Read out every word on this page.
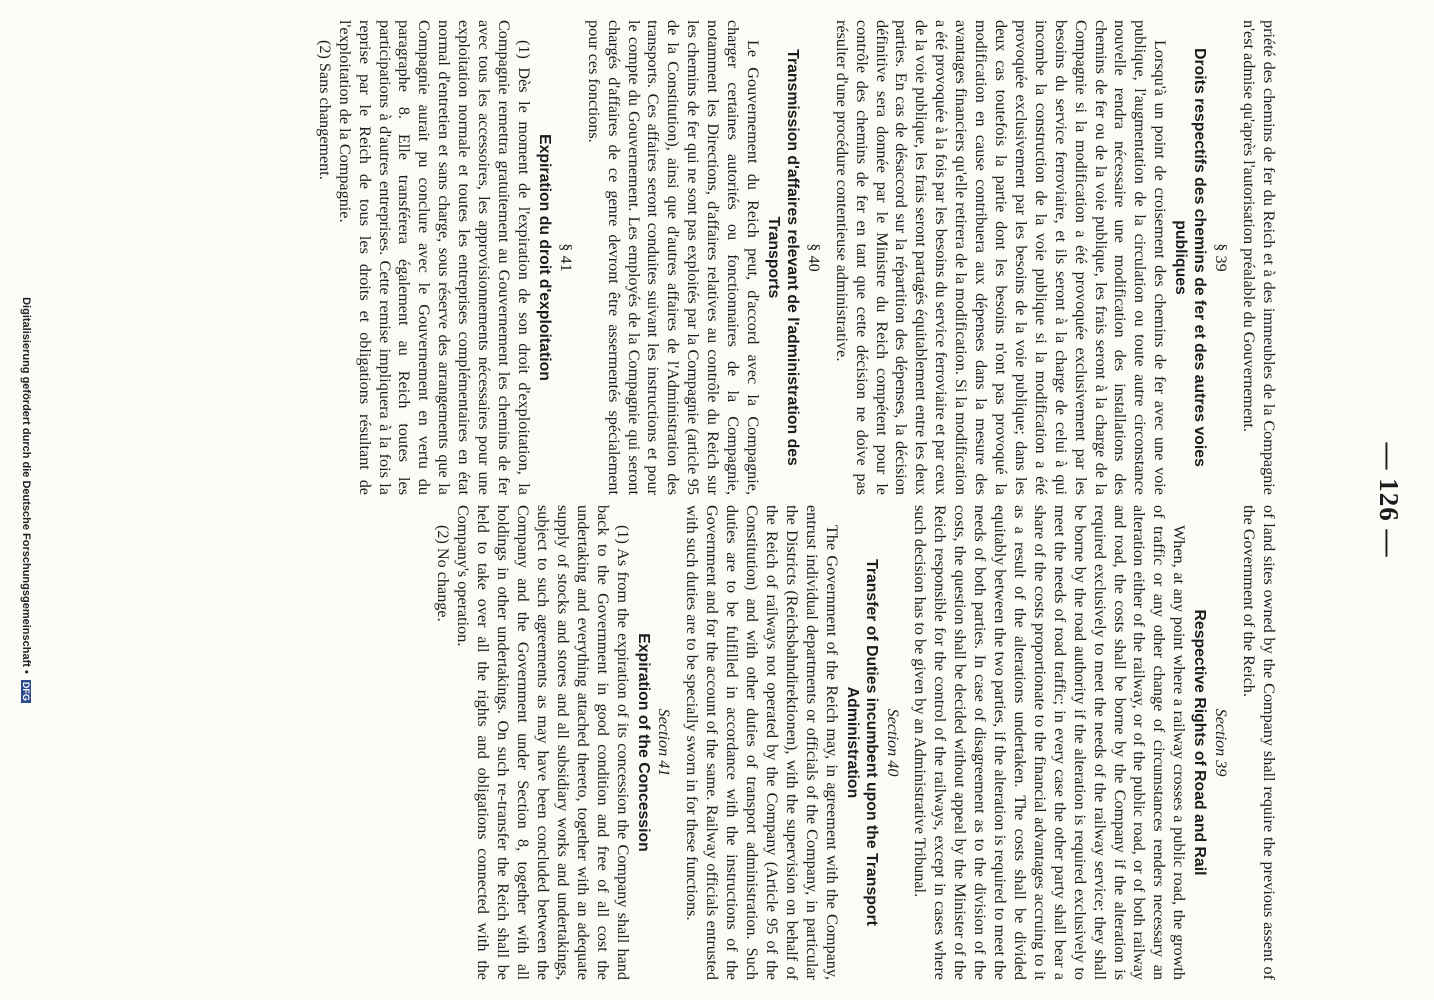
— 126 —

priété des chemins de fer du Reich et à des immeubles de la Compagnie n'est admise qu'après l'autorisation préalable du Gouvernement.

§ 39
Droits respectifs des chemins de fer et des autres voies publiques

Lorsqu'à un point de croisement des chemins de fer avec une voie publique, l'augmentation de la circulation ou toute autre circonstance nouvelle rendra nécessaire une modification des installations des chemins de fer ou de la voie publique, les frais seront à la charge de la Compagnie si la modification a été provoquée exclusivement par les besoins du service ferroviaire, et ils seront à la charge de celui à qui incombe la construction de la voie publique si la modification a été provoquée exclusivement par les besoins de la voie publique; dans les deux cas toutefois la partie dont les besoins n'ont pas provoqué la modification en cause contribuera aux dépenses dans la mesure des avantages financiers qu'elle retirera de la modification. Si la modification a été provoquée à la fois par les besoins du service ferroviaire et par ceux de la voie publique, les frais seront partagés équitablement entre les deux parties. En cas de désaccord sur la répartition des dépenses, la décision définitive sera donnée par le Ministre du Reich compétent pour le contrôle des chemins de fer en tant que cette décision ne doive pas résulter d'une procédure contentieuse administrative.

§ 40
Transmission d'affaires relevant de l'administration des Transports

Le Gouvernement du Reich peut, d'accord avec la Compagnie, charger certaines autorités ou fonctionnaires de la Compagnie, notamment les Directions, d'affaires relatives au contrôle du Reich sur les chemins de fer qui ne sont pas exploités par la Compagnie (article 95 de la Constitution), ainsi que d'autres affaires de l'Administration des transports. Ces affaires seront conduites suivant les instructions et pour le compte du Gouvernement. Les employés de la Compagnie qui seront chargés d'affaires de ce genre devront être assermentés spécialement pour ces fonctions.

§ 41
Expiration du droit d'exploitation

(1) Dès le moment de l'expiration de son droit d'exploitation, la Compagnie remettra gratuitement au Gouvernement les chemins de fer avec tous les accessoires, les approvisionnements nécessaires pour une exploitation normale et toutes les entreprises complémentaires en état normal d'entretien et sans charge, sous réserve des arrangements que la Compagnie aurait pu conclure avec le Gouvernement en vertu du paragraphe 8. Elle transférera également au Reich toutes les participations à d'autres entreprises. Cette remise impliquera à la fois la reprise par le Reich de tous les droits et obligations résultant de l'exploitation de la Compagnie.

(2) Sans changement.

of land sites owned by the Company shall require the previous assent of the Government of the Reich.

Section 39
Respective Rights of Road and Rail

When, at any point where a railway crosses a public road, the growth of traffic or any other change of circumstances renders necessary an alteration either of the railway, or of the public road, or of both railway and road, the costs shall be borne by the Company if the alteration is required exclusively to meet the needs of the railway service; they shall be borne by the road authority if the alteration is required exclusively to meet the needs of road traffic; in every case the other party shall bear a share of the costs proportionate to the financial advantages accruing to it as a result of the alterations undertaken. The costs shall be divided equitably between the two parties, if the alteration is required to meet the needs of both parties. In case of disagreement as to the division of the costs, the question shall be decided without appeal by the Minister of the Reich responsible for the control of the railways, except in cases where such decision has to be given by an Administrative Tribunal.

Section 40
Transfer of Duties incumbent upon the Transport Administration

The Government of the Reich may, in agreement with the Company, entrust individual departments or officials of the Company, in particular the Districts (Reichsbahndirektionen), with the supervision on behalf of the Reich of railways not operated by the Company (Article 95 of the Constitution) and with other duties of transport administration. Such duties are to be fulfilled in accordance with the instructions of the Government and for the account of the same. Railway officials entrusted with such duties are to be specially sworn in for these functions.

Section 41
Expiration of the Concession

(1) As from the expiration of its concession the Company shall hand back to the Government in good condition and free of all cost the undertaking and everything attached thereto, together with an adequate supply of stocks and stores and all subsidiary works and undertakings, subject to such agreements as may have been concluded between the Company and the Government under Section 8, together with all holdings in other undertakings. On such re-transfer the Reich shall be held to take over all the rights and obligations connected with the Company's operation.

(2) No change.

Digitalisierung gefördert durch die Deutsche Forschungsgemeinschaft • DFG
